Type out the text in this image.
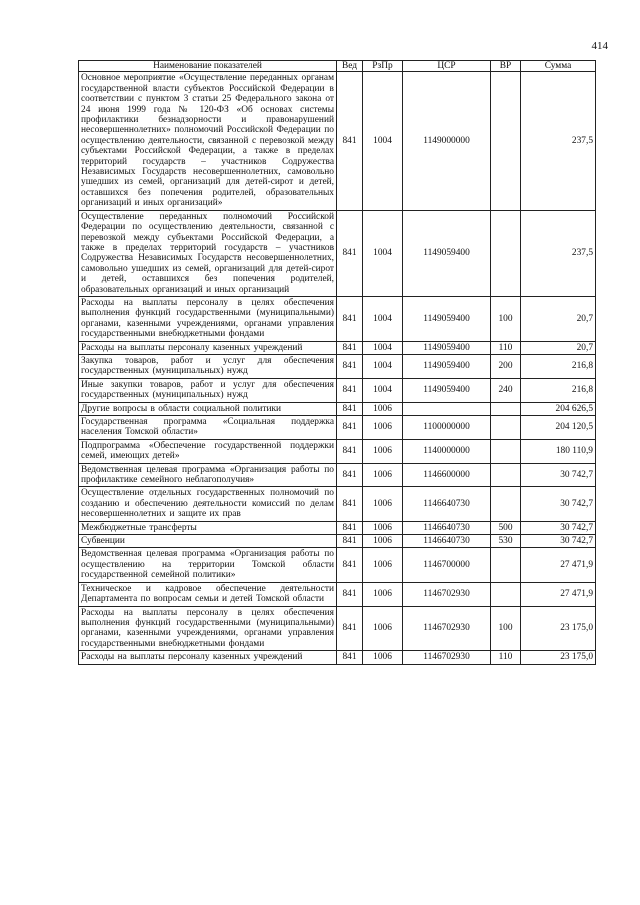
414
Наименование показателей	Вед	РзПр	ЦСР	ВР	Сумма
Основное мероприятие «Осуществление переданных органам государственной власти субъектов Российской Федерации в соответствии с пунктом 3 статьи 25 Федерального закона от 24 июня 1999 года № 120-ФЗ «Об основах системы профилактики безнадзорности и правонарушений несовершеннолетних» полномочий Российской Федерации по осуществлению деятельности, связанной с перевозкой между субъектами Российской Федерации, а также в пределах территорий государств – участников Содружества Независимых Государств несовершеннолетних, самовольно ушедших из семей, организаций для детей-сирот и детей, оставшихся без попечения родителей, образовательных организаций и иных организаций»	841	1004	1149000000		237,5
Осуществление переданных полномочий Российской Федерации по осуществлению деятельности, связанной с перевозкой между субъектами Российской Федерации, а также в пределах территорий государств – участников Содружества Независимых Государств несовершеннолетних, самовольно ушедших из семей, организаций для детей-сирот и детей, оставшихся без попечения родителей, образовательных организаций и иных организаций	841	1004	1149059400		237,5
Расходы на выплаты персоналу в целях обеспечения выполнения функций государственными (муниципальными) органами, казенными учреждениями, органами управления государственными внебюджетными фондами	841	1004	1149059400	100	20,7
Расходы на выплаты персоналу казенных учреждений	841	1004	1149059400	110	20,7
Закупка товаров, работ и услуг для обеспечения государственных (муниципальных) нужд	841	1004	1149059400	200	216,8
Иные закупки товаров, работ и услуг для обеспечения государственных (муниципальных) нужд	841	1004	1149059400	240	216,8
Другие вопросы в области социальной политики	841	1006			204 626,5
Государственная программа «Социальная поддержка населения Томской области»	841	1006	1100000000		204 120,5
Подпрограмма «Обеспечение государственной поддержки семей, имеющих детей»	841	1006	1140000000		180 110,9
Ведомственная целевая программа «Организация работы по профилактике семейного неблагополучия»	841	1006	1146600000		30 742,7
Осуществление отдельных государственных полномочий по созданию и обеспечению деятельности комиссий по делам несовершеннолетних и защите их прав	841	1006	1146640730		30 742,7
Межбюджетные трансферты	841	1006	1146640730	500	30 742,7
Субвенции	841	1006	1146640730	530	30 742,7
Ведомственная целевая программа «Организация работы по осуществлению на территории Томской области государственной семейной политики»	841	1006	1146700000		27 471,9
Техническое и кадровое обеспечение деятельности Департамента по вопросам семьи и детей Томской области	841	1006	1146702930		27 471,9
Расходы на выплаты персоналу в целях обеспечения выполнения функций государственными (муниципальными) органами, казенными учреждениями, органами управления государственными внебюджетными фондами	841	1006	1146702930	100	23 175,0
Расходы на выплаты персоналу казенных учреждений	841	1006	1146702930	110	23 175,0
